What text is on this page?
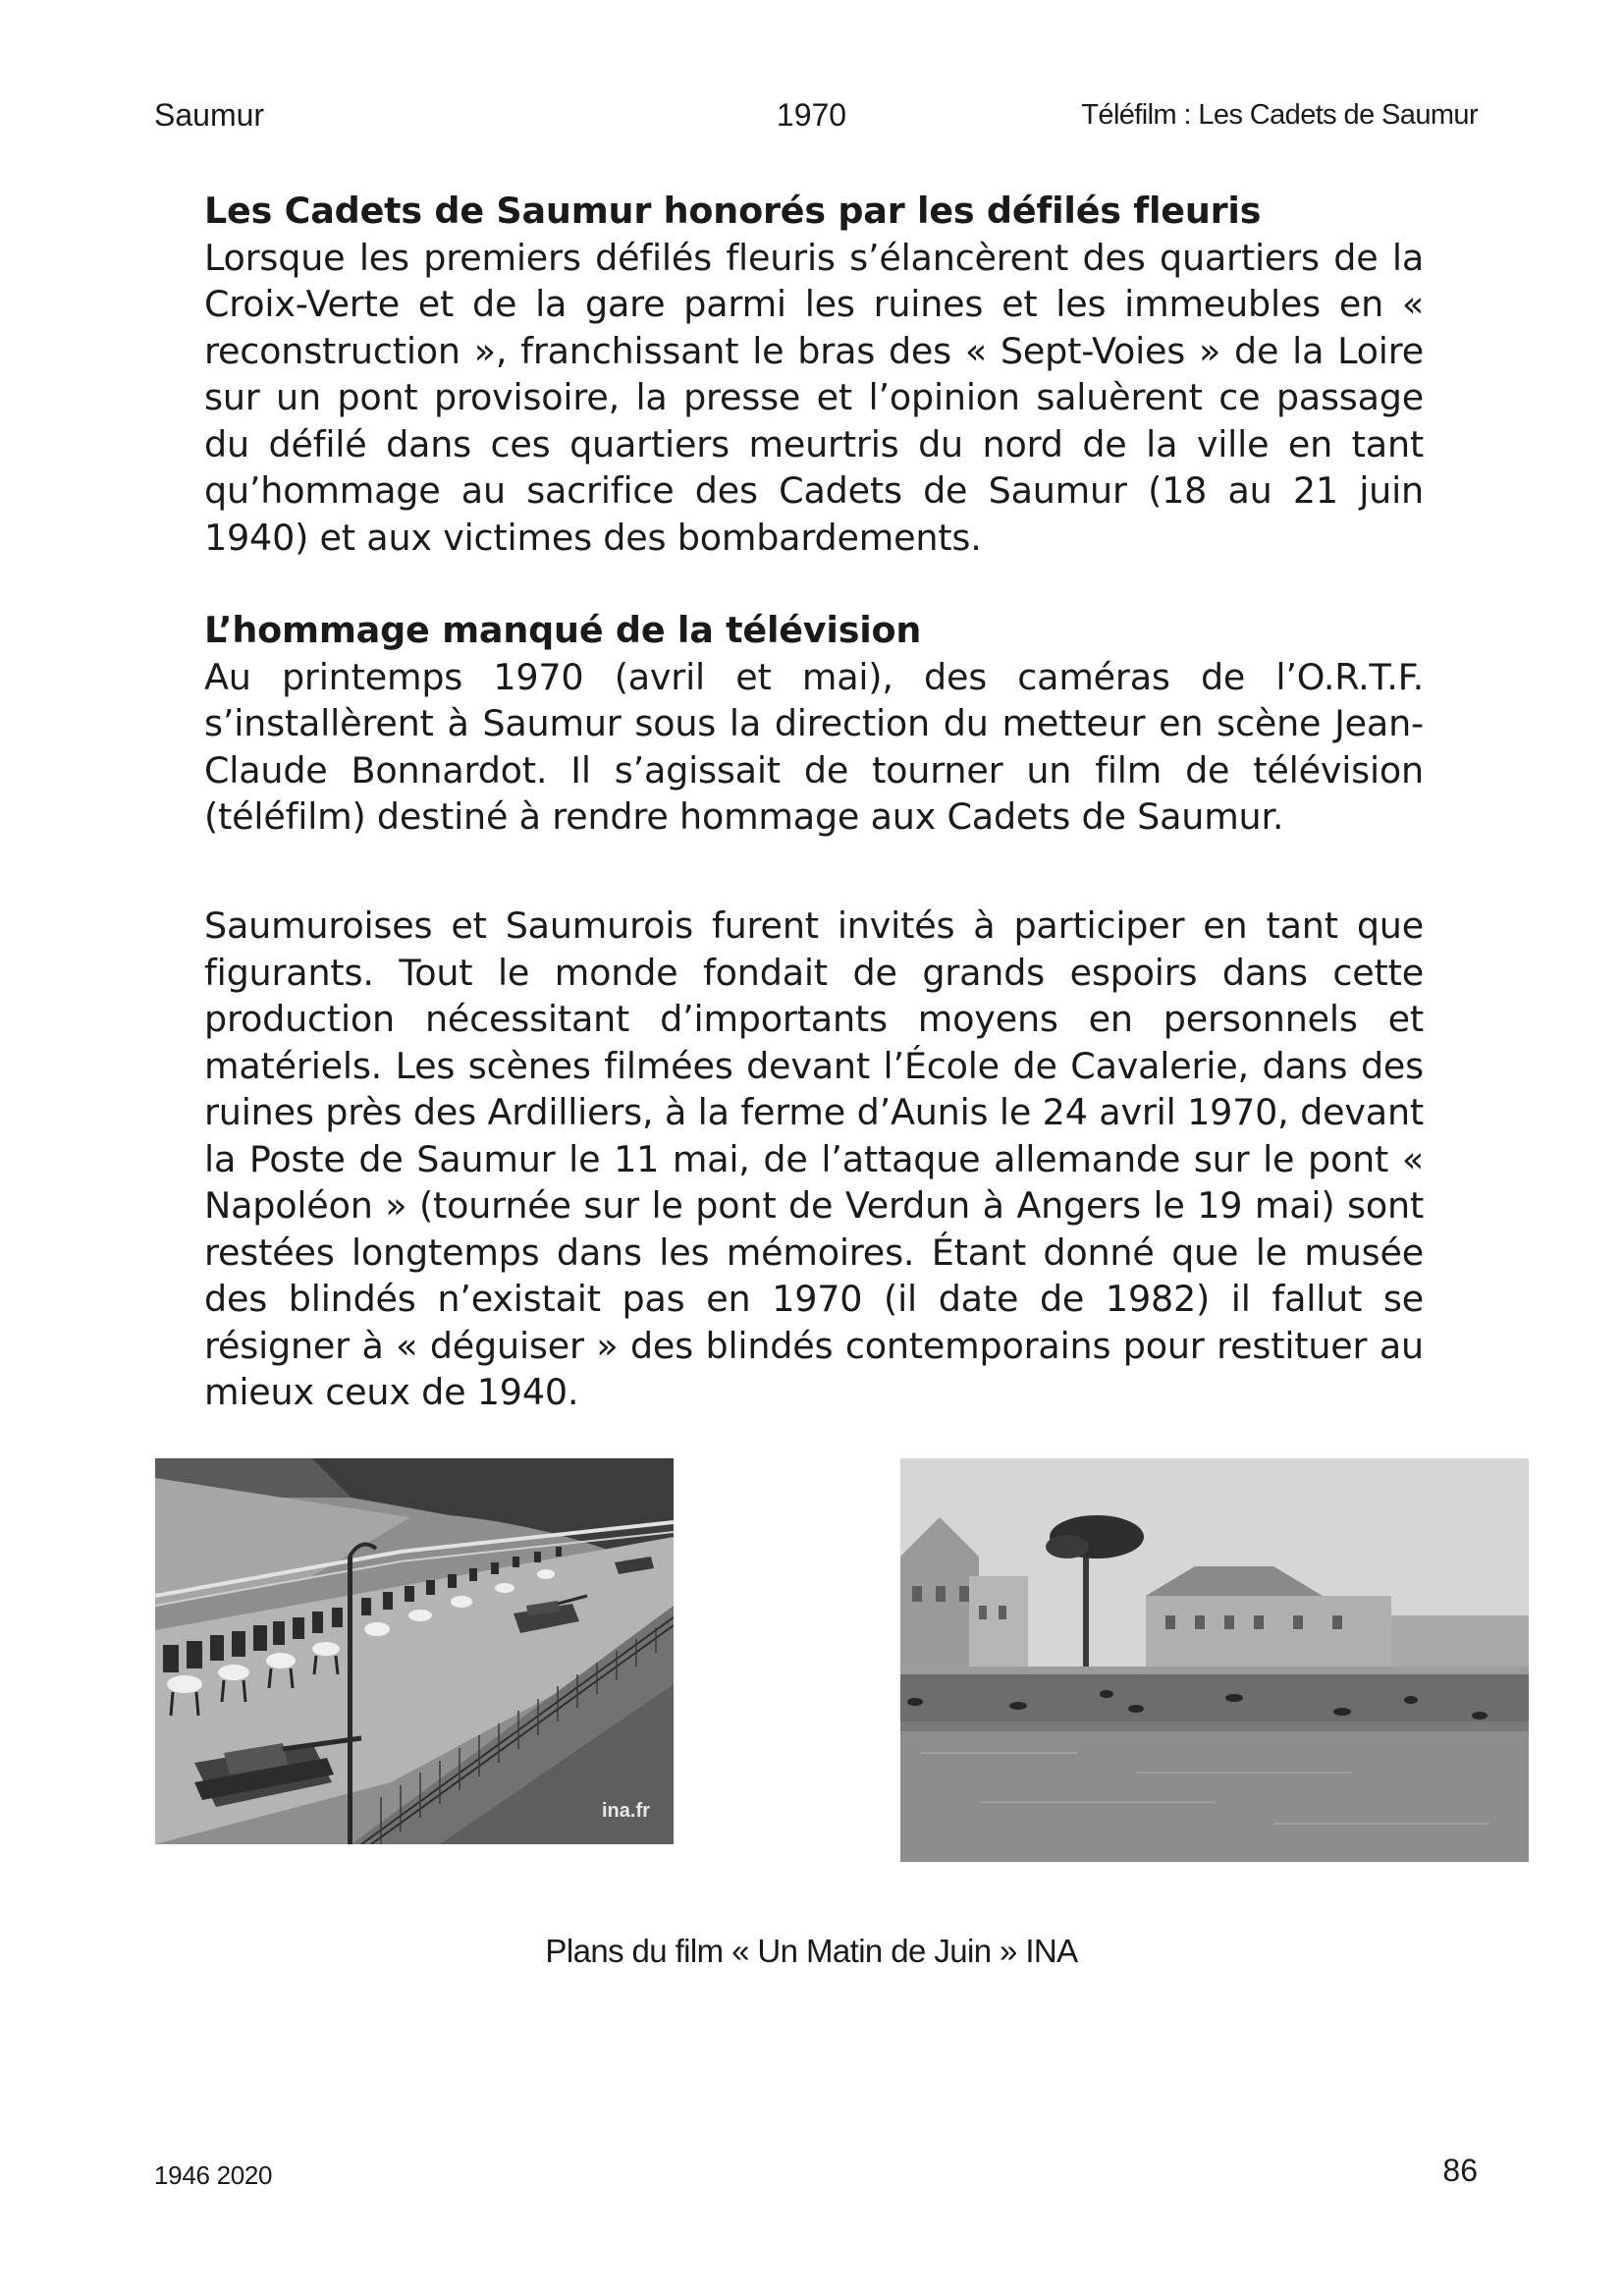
Saumur	1970	Téléfilm : Les Cadets de Saumur
Les Cadets de Saumur honorés par les défilés fleuris

Lorsque les premiers défilés fleuris s’élancèrent des quartiers de la Croix-Verte et de la gare parmi les ruines et les immeubles en « reconstruction », franchissant le bras des « Sept-Voies » de la Loire sur un pont provisoire, la presse et l’opinion saluèrent ce passage du défilé dans ces quartiers meurtris du nord de la ville en tant qu’hommage au sacrifice des Cadets de Saumur (18 au 21 juin 1940) et aux victimes des bombardements.

L’hommage manqué de la télévision

Au printemps 1970 (avril et mai), des caméras de l’O.R.T.F. s’installèrent à Saumur sous la direction du metteur en scène Jean-Claude Bonnardot. Il s’agissait de tourner un film de télévision (téléfilm) destiné à rendre hommage aux Cadets de Saumur.

Saumuroises et Saumurois furent invités à participer en tant que figurants. Tout le monde fondait de grands espoirs dans cette production nécessitant d’importants moyens en personnels et matériels. Les scènes filmées devant l’École de Cavalerie, dans des ruines près des Ardilliers, à la ferme d’Aunis le 24 avril 1970, devant la Poste de Saumur le 11 mai, de l’attaque allemande sur le pont « Napoléon » (tournée sur le pont de Verdun à Angers le 19 mai) sont restées longtemps dans les mémoires. Étant donné que le musée des blindés n’existait pas en 1970 (il date de 1982) il fallut se résigner à « déguiser » des blindés contemporains pour restituer au mieux ceux de 1940.

ina.fr
Plans du film « Un Matin de Juin » INA
1946 2020	86
